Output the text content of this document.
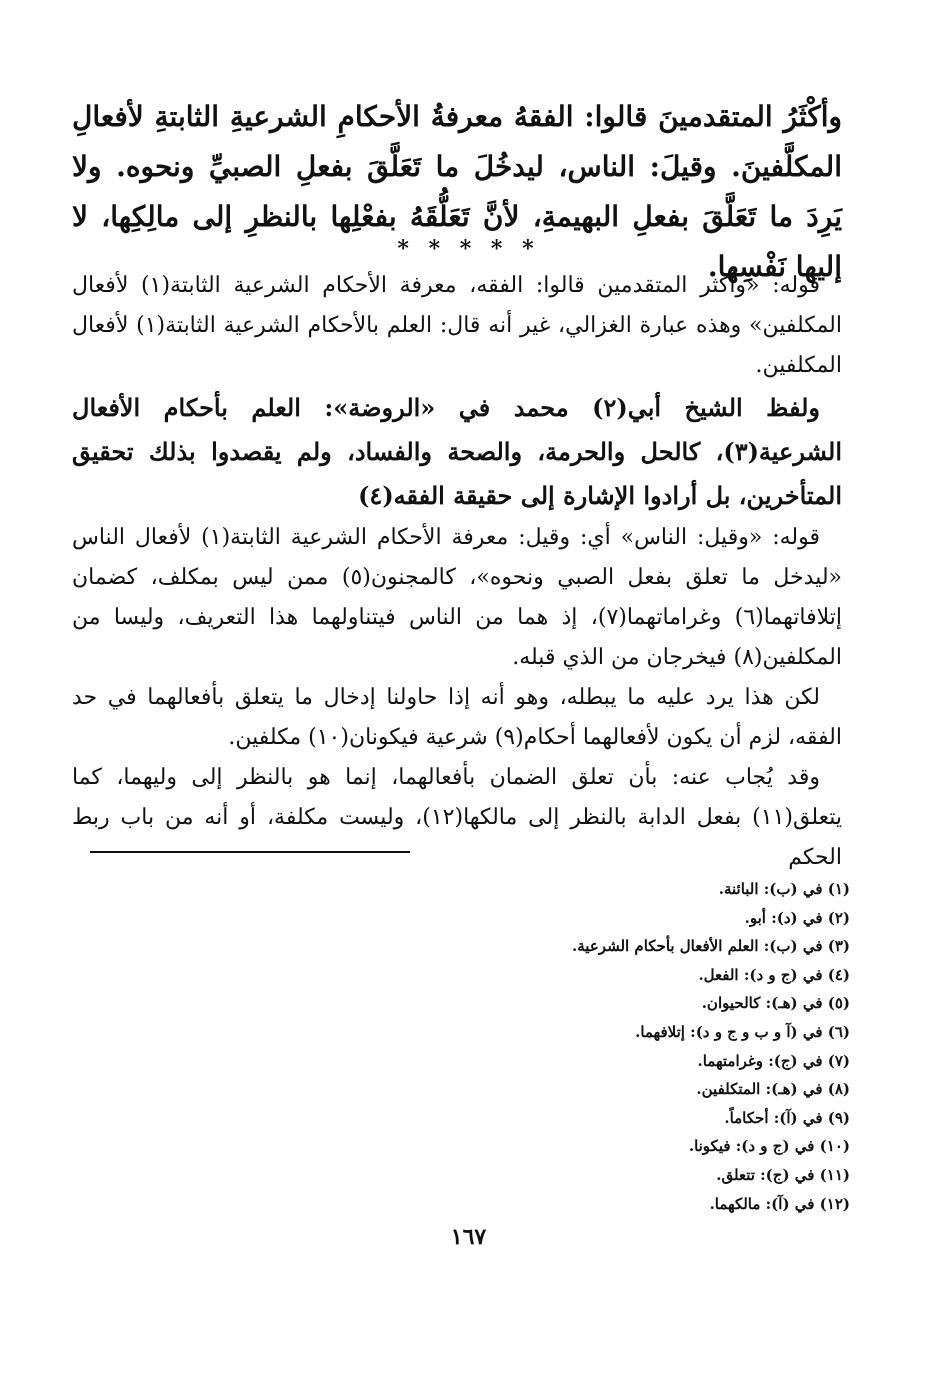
وأكْثَرُ المتقدمينَ قالوا: الفقهُ معرفةُ الأحكامِ الشرعيةِ الثابتةِ لأفعالِ المكلَّفينَ. وقيلَ: الناس، ليدخُلَ ما تَعَلَّقَ بفعلِ الصبيِّ ونحوه. ولا يَرِدَ ما تَعَلَّقَ بفعلِ البهيمةِ، لأنَّ تَعَلُّقَهُ بفعْلِها بالنظرِ إلى مالِكِها، لا إليها نَفْسِها.
* * * * *

قوله: «وأكثر المتقدمين قالوا: الفقه، معرفة الأحكام الشرعية الثابتة(١) لأفعال المكلفين» وهذه عبارة الغزالي، غير أنه قال: العلم بالأحكام الشرعية الثابتة(١) لأفعال المكلفين.

ولفظ الشيخ أبي(٢) محمد في «الروضة»: العلم بأحكام الأفعال الشرعية(٣)، كالحل والحرمة، والصحة والفساد، ولم يقصدوا بذلك تحقيق المتأخرين، بل أرادوا الإشارة إلى حقيقة الفقه(٤)

قوله: «وقيل: الناس» أي: وقيل: معرفة الأحكام الشرعية الثابتة(١) لأفعال الناس «ليدخل ما تعلق بفعل الصبي ونحوه»، كالمجنون(٥) ممن ليس بمكلف، كضمان إتلافاتهما(٦) وغراماتهما(٧)، إذ هما من الناس فيتناولهما هذا التعريف، وليسا من المكلفين(٨) فيخرجان من الذي قبله.

لكن هذا يرد عليه ما يبطله، وهو أنه إذا حاولنا إدخال ما يتعلق بأفعالهما في حد الفقه، لزم أن يكون لأفعالهما أحكام(٩) شرعية فيكونان(١٠) مكلفين.

وقد يُجاب عنه: بأن تعلق الضمان بأفعالهما، إنما هو بالنظر إلى وليهما، كما يتعلق(١١) بفعل الدابة بالنظر إلى مالكها(١٢)، وليست مكلفة، أو أنه من باب ربط الحكم

(١) في (ب): البائنة.
(٢) في (د): أبو.
(٣) في (ب): العلم الأفعال بأحكام الشرعية.
(٤) في (ج و د): الفعل.
(٥) في (هـ): كالحيوان.
(٦) في (آ و ب و ج و د): إتلافهما.
(٧) في (ج): وغرامتهما.
(٨) في (هـ): المتكلفين.
(٩) في (آ): أحكاماً.
(١٠) في (ج و د): فيكونا.
(١١) في (ج): تتعلق.
(١٢) في (آ): مالكهما.
١٦٧
